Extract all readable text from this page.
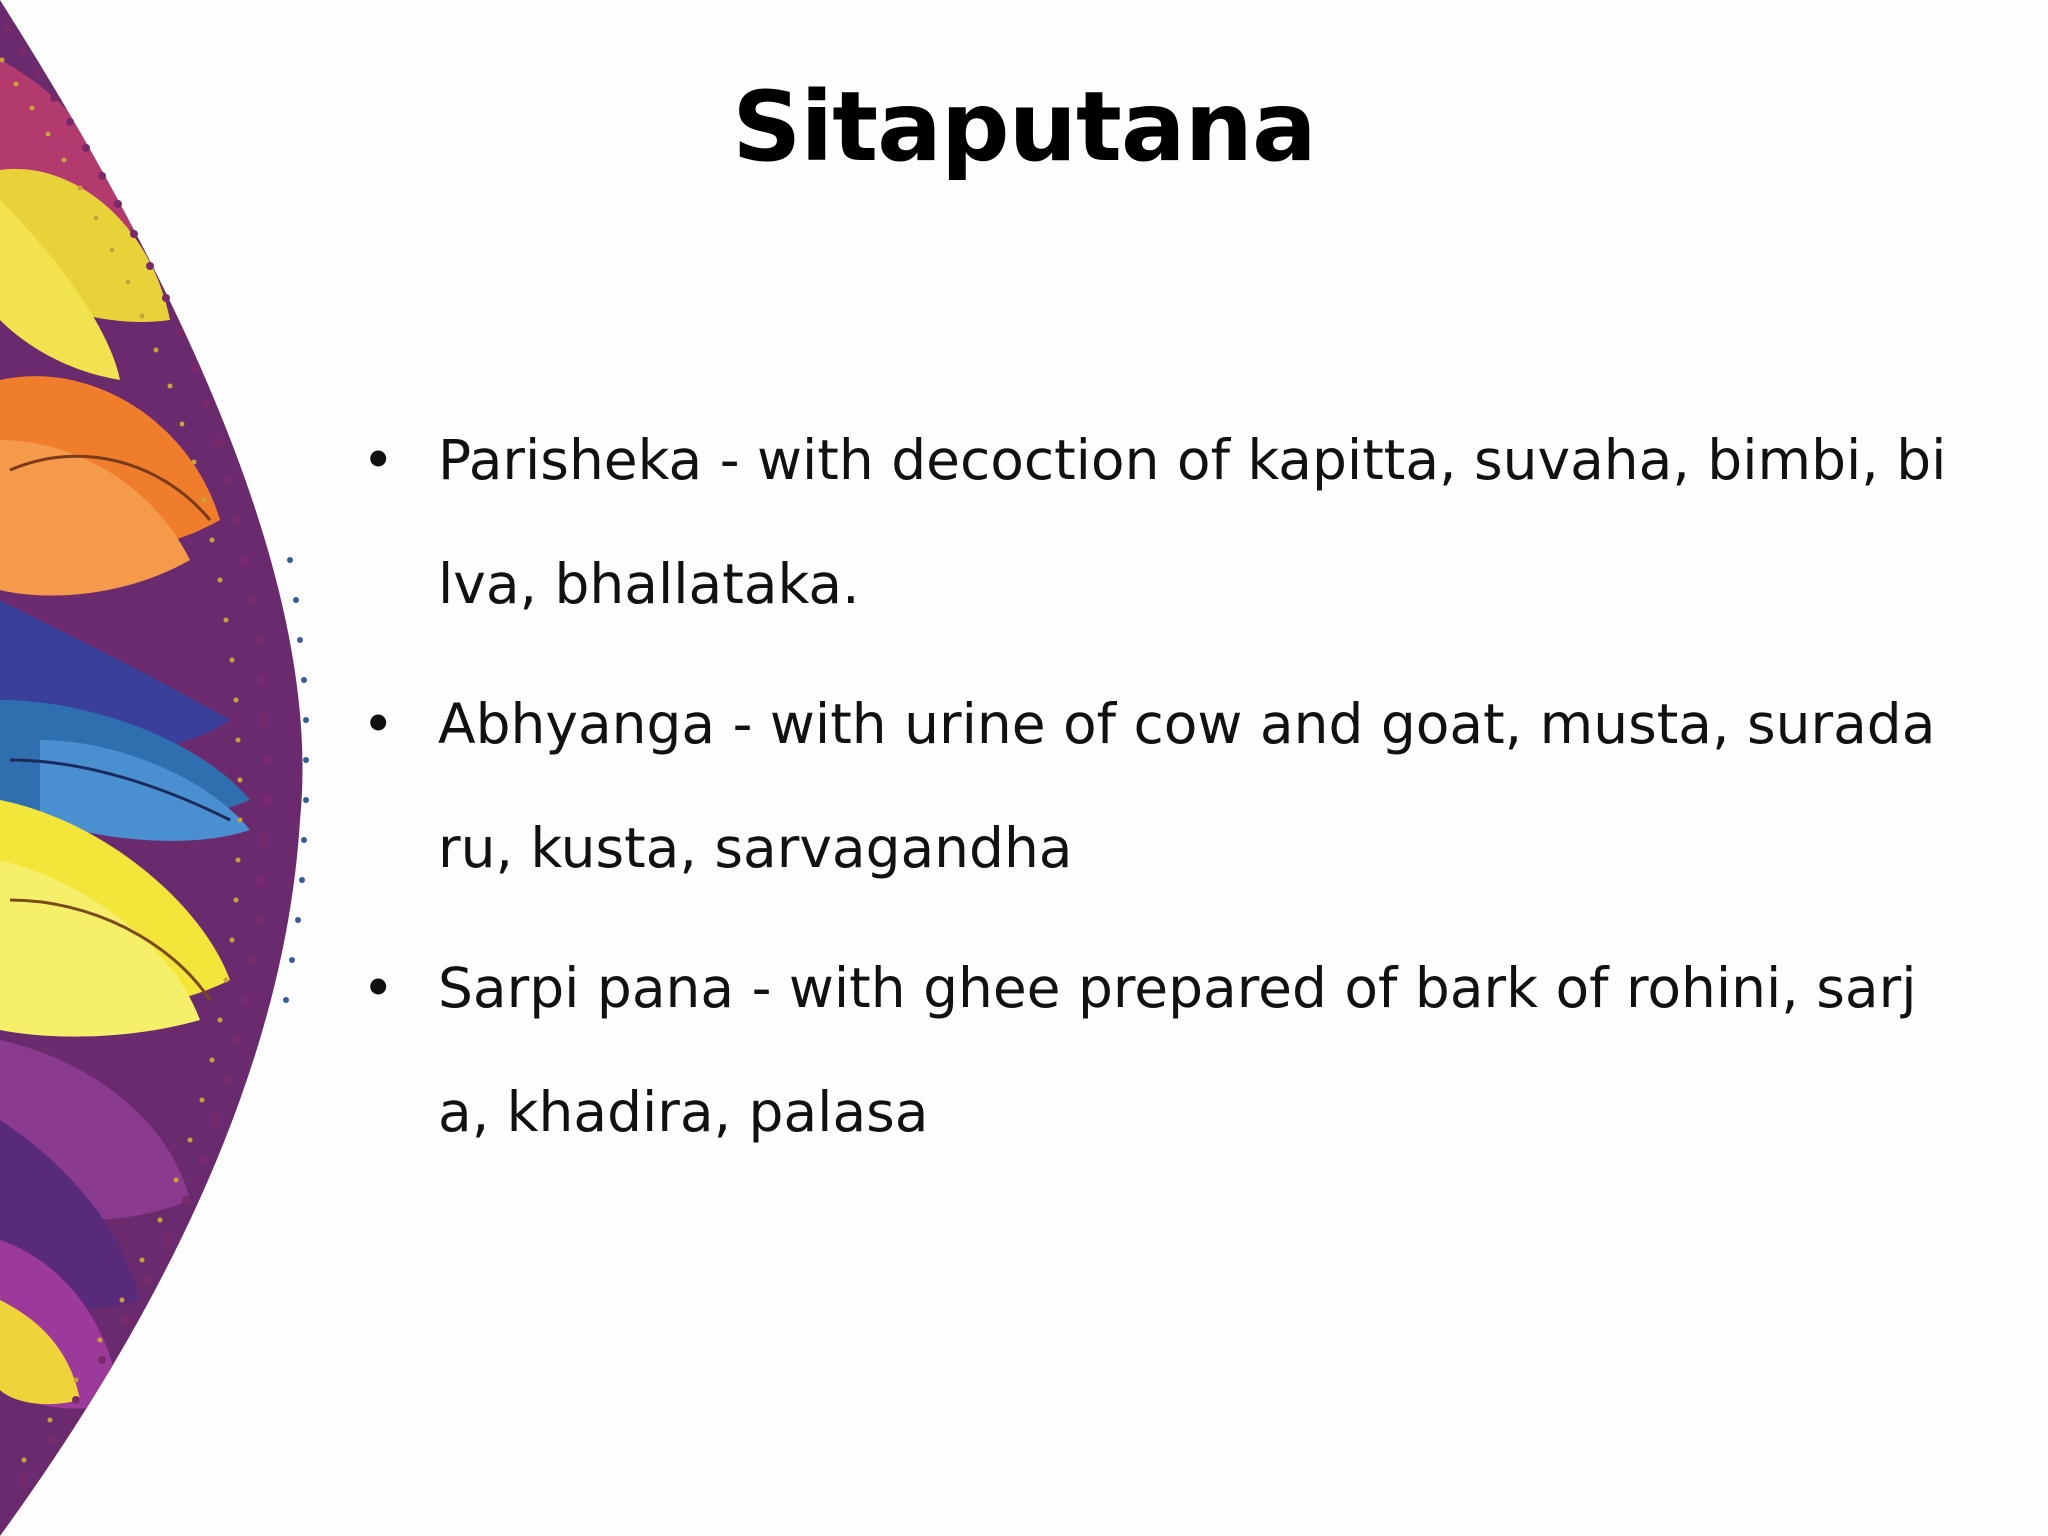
Sitaputana
• Parisheka - with decoction of kapitta, suvaha, bimbi, bilva, bhallataka.
• Abhyanga - with urine of cow and goat, musta, suradaru, kusta, sarvagandha
• Sarpi pana - with ghee prepared of bark of rohini, sarja, khadira, palasa
